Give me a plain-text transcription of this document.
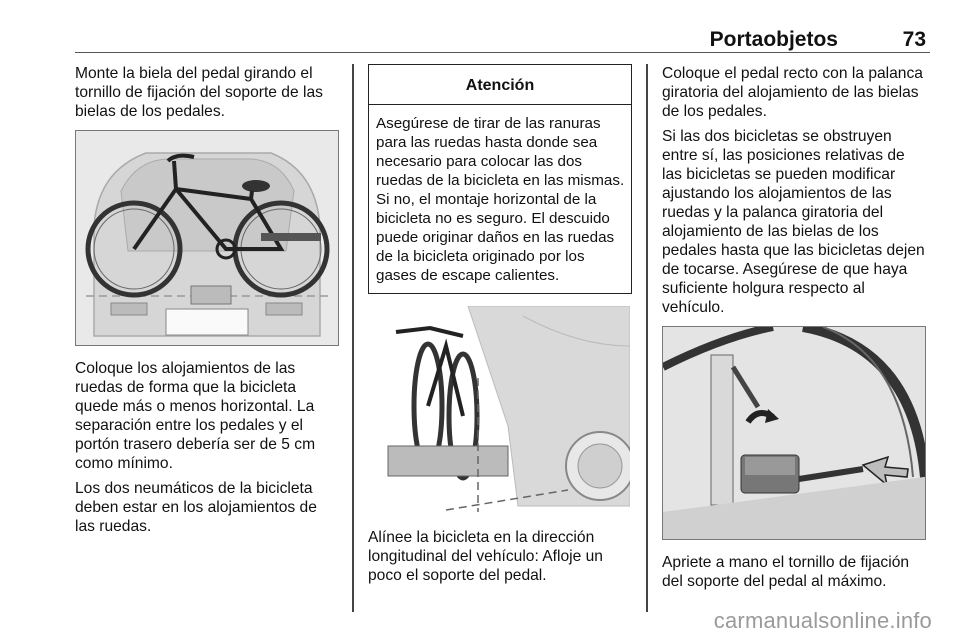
Portaobjetos	73

Monte la biela del pedal girando el tornillo de fijación del soporte de las bielas de los pedales.

Coloque los alojamientos de las ruedas de forma que la bicicleta quede más o menos horizontal. La separación entre los pedales y el portón trasero debería ser de 5 cm como mínimo.

Los dos neumáticos de la bicicleta deben estar en los alojamientos de las ruedas.

Atención
Asegúrese de tirar de las ranuras para las ruedas hasta donde sea necesario para colocar las dos ruedas de la bicicleta en las mismas. Si no, el montaje horizontal de la bicicleta no es seguro. El descuido puede originar daños en las ruedas de la bicicleta originado por los gases de escape calientes.

Alínee la bicicleta en la dirección longitudinal del vehículo: Afloje un poco el soporte del pedal.

Coloque el pedal recto con la palanca giratoria del alojamiento de las bielas de los pedales.

Si las dos bicicletas se obstruyen entre sí, las posiciones relativas de las bicicletas se pueden modificar ajustando los alojamientos de las ruedas y la palanca giratoria del alojamiento de las bielas de los pedales hasta que las bicicletas dejen de tocarse. Asegúrese de que haya suficiente holgura respecto al vehículo.

Apriete a mano el tornillo de fijación del soporte del pedal al máximo.

carmanualsonline.info
